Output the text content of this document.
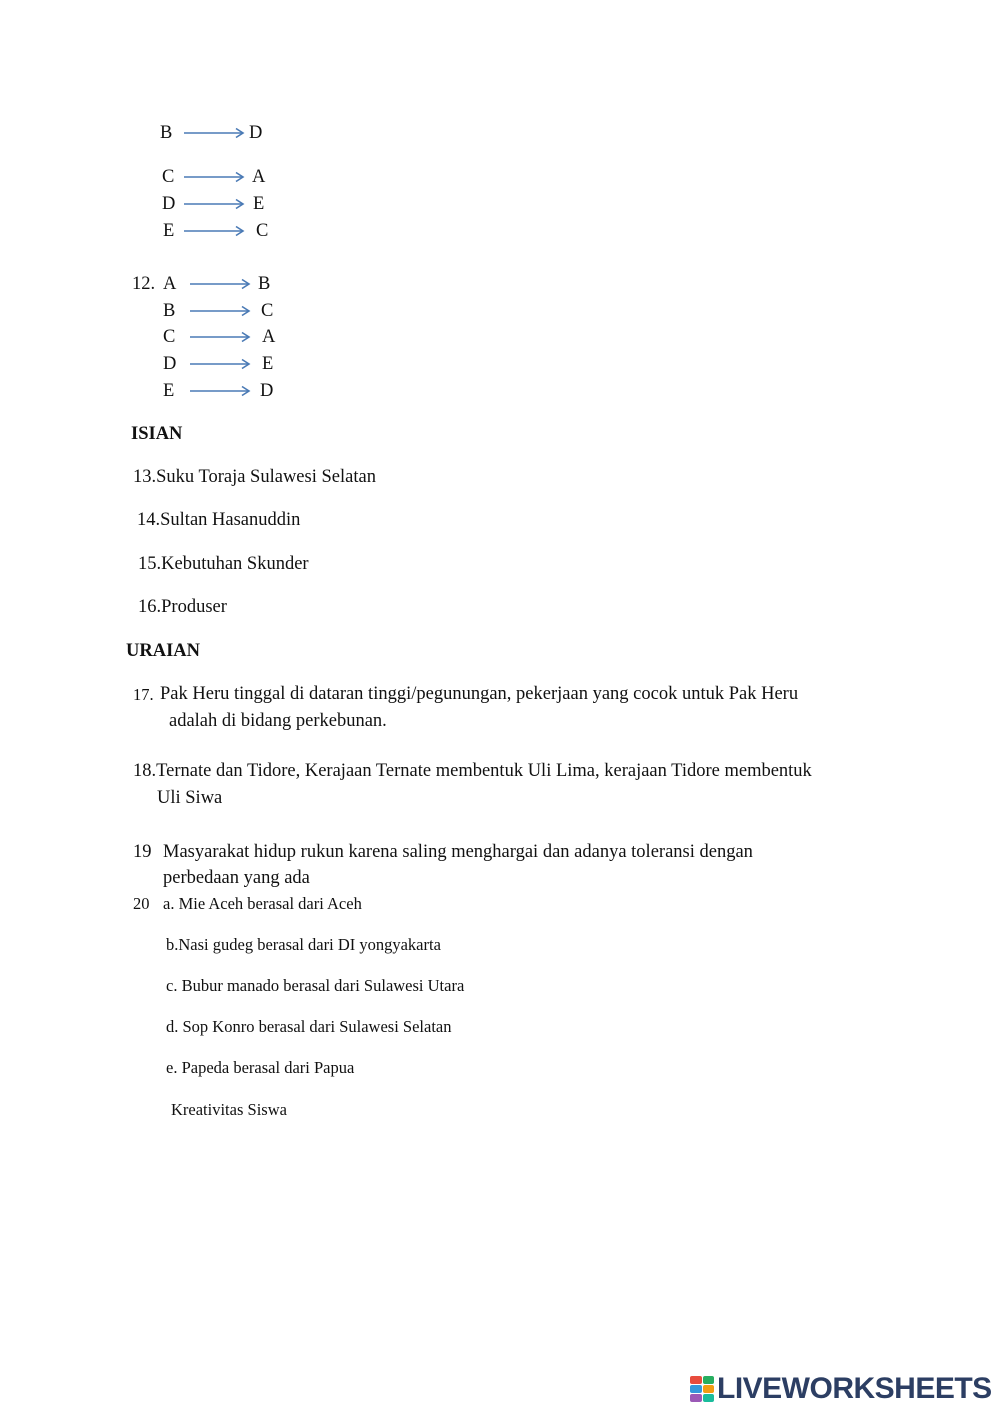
B	D
C	A
D	E
E	C
12. A	B
B	C
C	A
D	E
E	D
ISIAN
13.Suku Toraja Sulawesi Selatan
14.Sultan Hasanuddin
15.Kebutuhan Skunder
16.Produser
URAIAN
17. Pak Heru tinggal di dataran tinggi/pegunungan, pekerjaan yang cocok untuk Pak Heru
adalah di bidang perkebunan.
18.Ternate dan Tidore, Kerajaan Ternate membentuk Uli Lima, kerajaan Tidore membentuk
Uli Siwa
19 Masyarakat hidup rukun karena saling menghargai dan adanya toleransi dengan
perbedaan yang ada
20 a. Mie Aceh berasal dari Aceh
b.Nasi gudeg berasal dari DI yongyakarta
c. Bubur manado berasal dari Sulawesi Utara
d. Sop Konro berasal dari Sulawesi Selatan
e. Papeda berasal dari Papua
Kreativitas Siswa
LIVEWORKSHEETS
